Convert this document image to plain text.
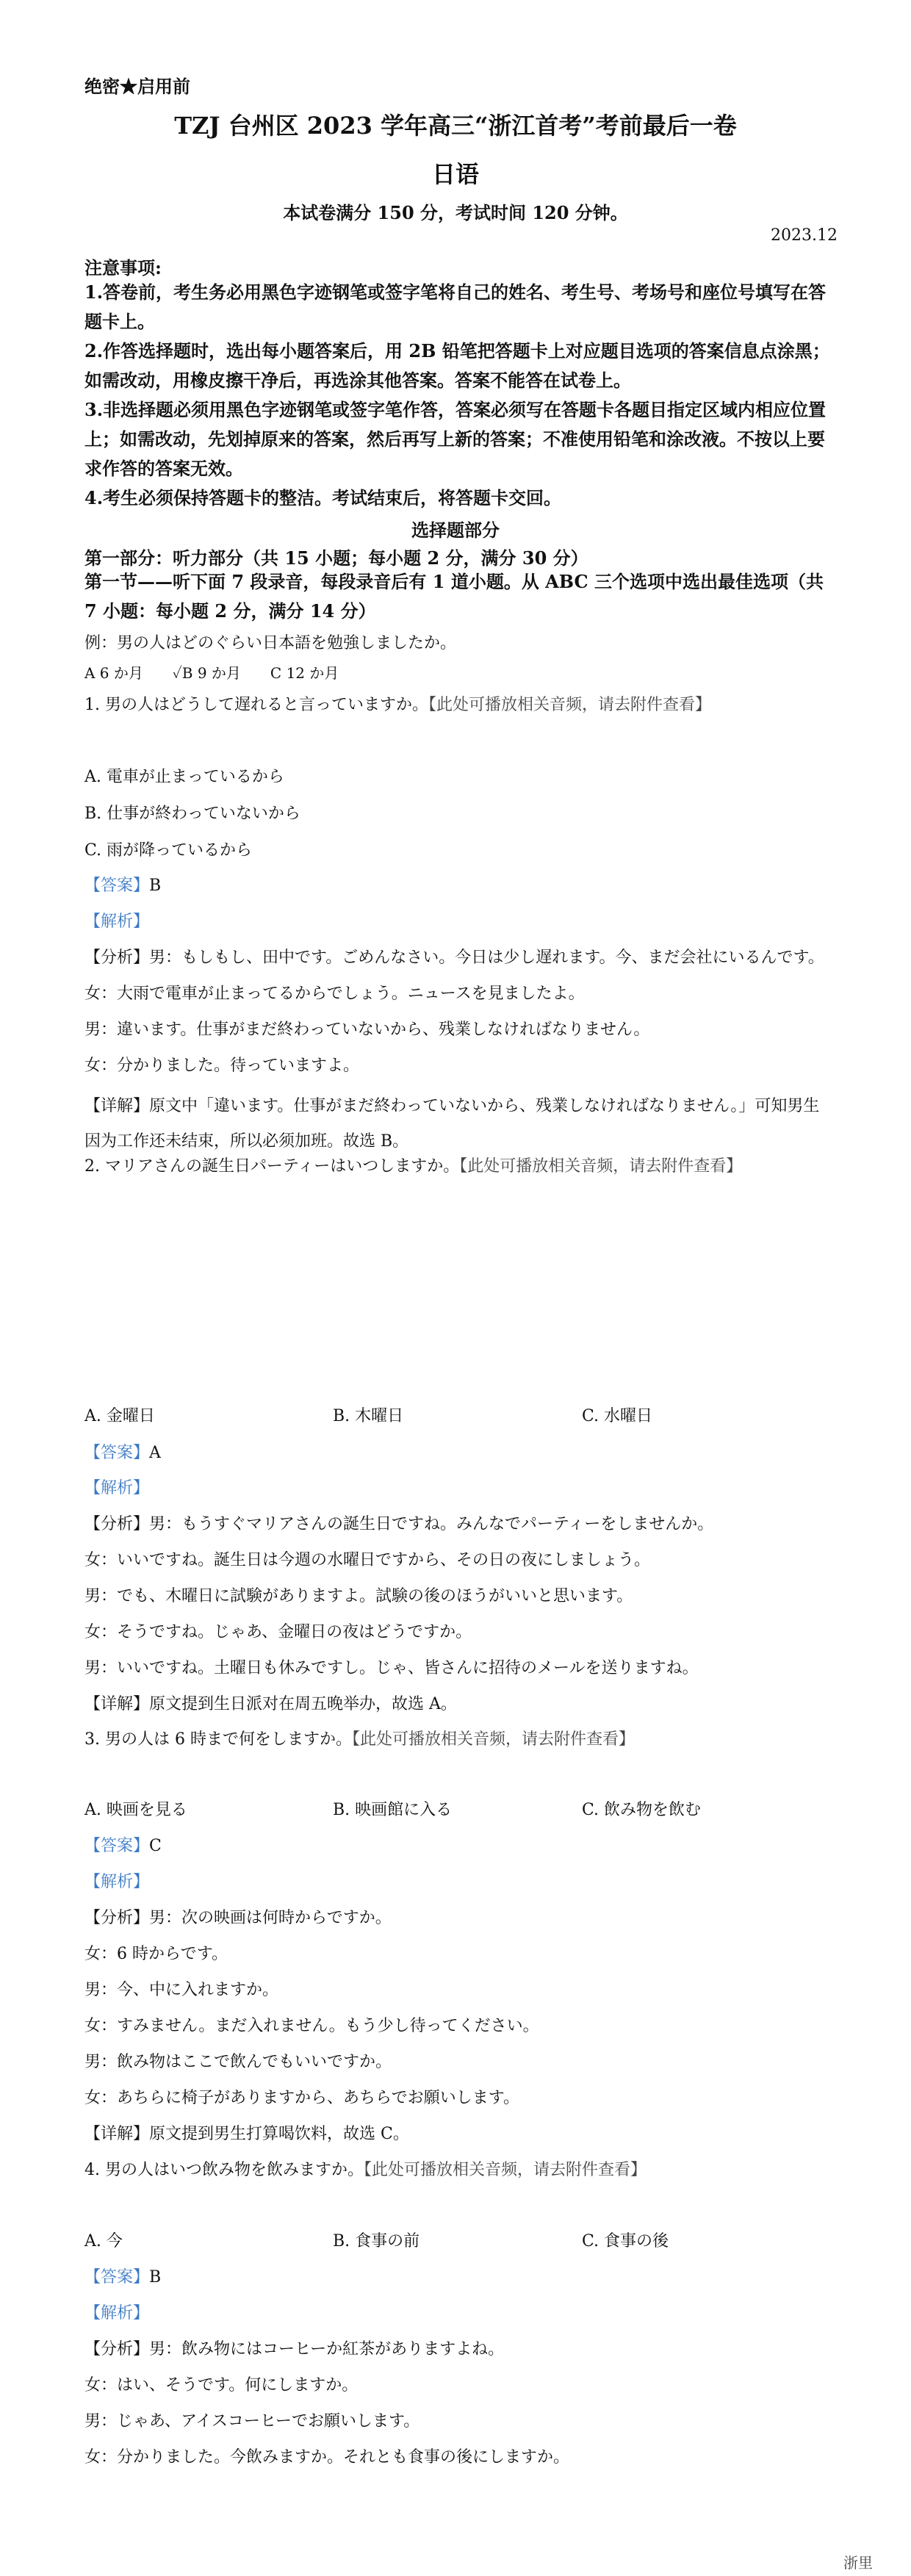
绝密★启用前
TZJ 台州区 2023 学年高三“浙江首考”考前最后一卷
日语
本试卷满分 150 分，考试时间 120 分钟。
2023.12
注意事项:
1.答卷前，考生务必用黑色字迹钢笔或签字笔将自己的姓名、考生号、考场号和座位号填写在答题卡上。
2.作答选择题时，选出每小题答案后，用 2B 铅笔把答题卡上对应题目选项的答案信息点涂黑；如需改动，用橡皮擦干净后，再选涂其他答案。答案不能答在试卷上。
3.非选择题必须用黑色字迹钢笔或签字笔作答，答案必须写在答题卡各题目指定区域内相应位置上；如需改动，先划掉原来的答案，然后再写上新的答案；不准使用铅笔和涂改液。不按以上要求作答的答案无效。
4.考生必须保持答题卡的整洁。考试结束后，将答题卡交回。
选择题部分
第一部分：听力部分（共 15 小题；每小题 2 分，满分 30 分）
第一节——听下面 7 段录音，每段录音后有 1 道小题。从 ABC 三个选项中选出最佳选项（共 7 小题：每小题 2 分，满分 14 分）
例：男の人はどのぐらい日本語を勉強しましたか。
A 6 か月　　✓B 9 か月　　C 12 か月
1. 男の人はどうして遅れると言っていますか。【此处可播放相关音频，请去附件查看】
A. 電車が止まっているから
B. 仕事が終わっていないから
C. 雨が降っているから
【答案】B
【解析】
【分析】男：もしもし、田中です。ごめんなさい。今日は少し遅れます。今、まだ会社にいるんです。
女：大雨で電車が止まってるからでしょう。ニュースを見ましたよ。
男：違います。仕事がまだ終わっていないから、残業しなければなりません。
女：分かりました。待っていますよ。
【详解】原文中「違います。仕事がまだ終わっていないから、残業しなければなりません。」可知男生因为工作还未结束，所以必须加班。故选 B。
2. マリアさんの誕生日パーティーはいつしますか。【此处可播放相关音频，请去附件查看】
A. 金曜日	B. 木曜日	C. 水曜日
【答案】A
【解析】
【分析】男：もうすぐマリアさんの誕生日ですね。みんなでパーティーをしませんか。
女：いいですね。誕生日は今週の水曜日ですから、その日の夜にしましょう。
男：でも、木曜日に試験がありますよ。試験の後のほうがいいと思います。
女：そうですね。じゃあ、金曜日の夜はどうですか。
男：いいですね。土曜日も休みですし。じゃ、皆さんに招待のメールを送りますね。
【详解】原文提到生日派对在周五晚举办，故选 A。
3. 男の人は 6 時まで何をしますか。【此处可播放相关音频，请去附件查看】
A. 映画を見る	B. 映画館に入る	C. 飲み物を飲む
【答案】C
【解析】
【分析】男：次の映画は何時からですか。
女：6 時からです。
男：今、中に入れますか。
女：すみません。まだ入れません。もう少し待ってください。
男：飲み物はここで飲んでもいいですか。
女：あちらに椅子がありますから、あちらでお願いします。
【详解】原文提到男生打算喝饮料，故选 C。
4. 男の人はいつ飲み物を飲みますか。【此处可播放相关音频，请去附件查看】
A. 今	B. 食事の前	C. 食事の後
【答案】B
【解析】
【分析】男：飲み物にはコーヒーか紅茶がありますよね。
女：はい、そうです。何にしますか。
男：じゃあ、アイスコーヒーでお願いします。
女：分かりました。今飲みますか。それとも食事の後にしますか。
浙里
